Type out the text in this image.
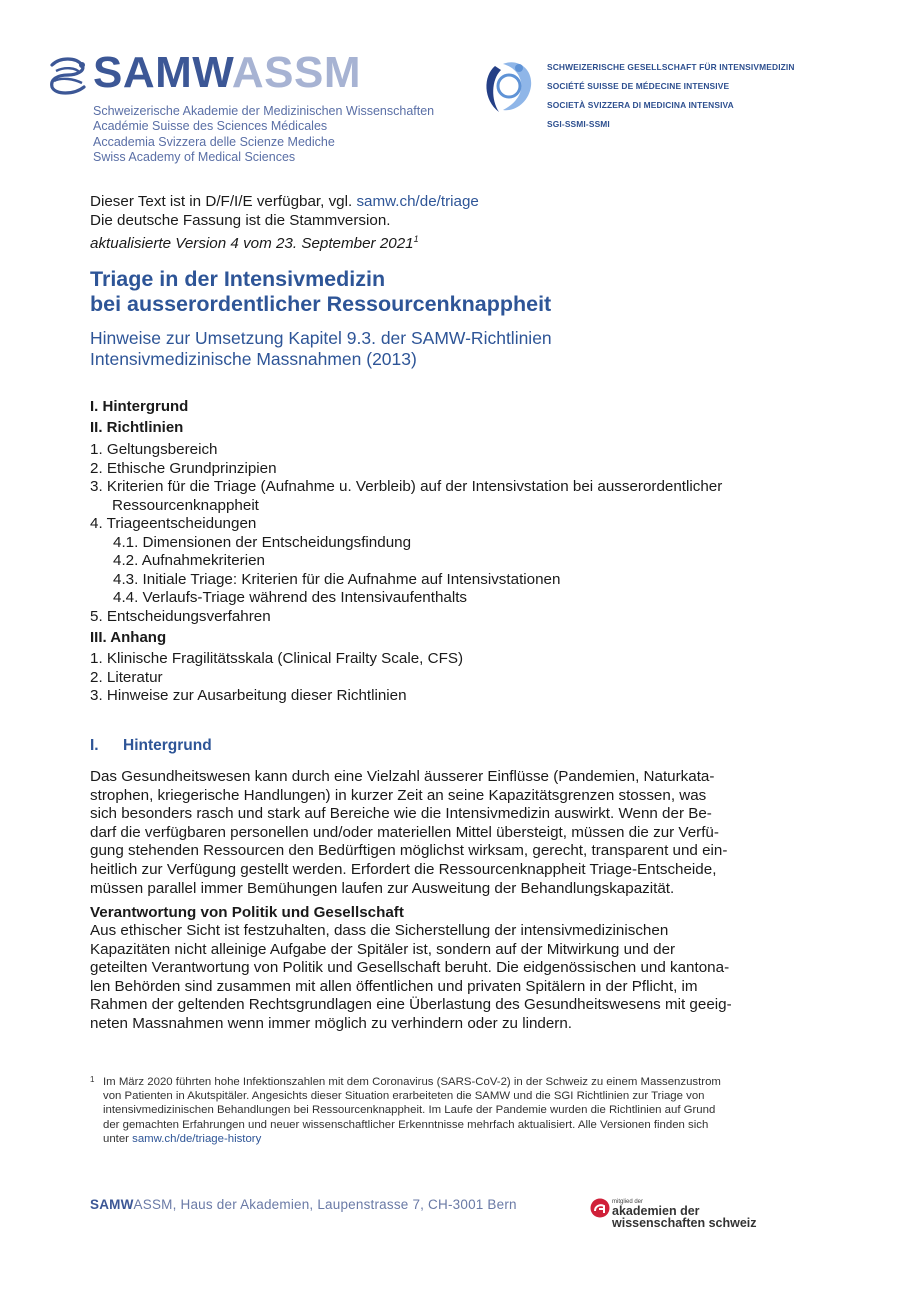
SAMWASSM
Schweizerische Akademie der Medizinischen Wissenschaften
Académie Suisse des Sciences Médicales
Accademia Svizzera delle Scienze Mediche
Swiss Academy of Medical Sciences
SCHWEIZERISCHE GESELLSCHAFT FÜR INTENSIVMEDIZIN
SOCIÉTÉ SUISSE DE MÉDECINE INTENSIVE
SOCIETÀ SVIZZERA DI MEDICINA INTENSIVA
SGI-SSMI-SSMI
Dieser Text ist in D/F/I/E verfügbar, vgl. samw.ch/de/triage
Die deutsche Fassung ist die Stammversion.
aktualisierte Version 4 vom 23. September 2021$^1$
Triage in der Intensivmedizin
bei ausserordentlicher Ressourcenknappheit
Hinweise zur Umsetzung Kapitel 9.3. der SAMW-Richtlinien
Intensivmedizinische Massnahmen (2013)
I. Hintergrund
II. Richtlinien
1. Geltungsbereich
2. Ethische Grundprinzipien
3. Kriterien für die Triage (Aufnahme u. Verbleib) auf der Intensivstation bei ausserordentlicher
Ressourcenknappheit
4. Triageentscheidungen
4.1. Dimensionen der Entscheidungsfindung
4.2. Aufnahmekriterien
4.3. Initiale Triage: Kriterien für die Aufnahme auf Intensivstationen
4.4. Verlaufs-Triage während des Intensivaufenthalts
5. Entscheidungsverfahren
III. Anhang
1. Klinische Fragilitätsskala (Clinical Frailty Scale, CFS)
2. Literatur
3. Hinweise zur Ausarbeitung dieser Richtlinien
I. Hintergrund
Das Gesundheitswesen kann durch eine Vielzahl äusserer Einflüsse (Pandemien, Naturkata-
strophen, kriegerische Handlungen) in kurzer Zeit an seine Kapazitätsgrenzen stossen, was
sich besonders rasch und stark auf Bereiche wie die Intensivmedizin auswirkt. Wenn der Be-
darf die verfügbaren personellen und/oder materiellen Mittel übersteigt, müssen die zur Verfü-
gung stehenden Ressourcen den Bedürftigen möglichst wirksam, gerecht, transparent und ein-
heitlich zur Verfügung gestellt werden. Erfordert die Ressourcenknappheit Triage-Entscheide,
müssen parallel immer Bemühungen laufen zur Ausweitung der Behandlungskapazität.
Verantwortung von Politik und Gesellschaft
Aus ethischer Sicht ist festzuhalten, dass die Sicherstellung der intensivmedizinischen
Kapazitäten nicht alleinige Aufgabe der Spitäler ist, sondern auf der Mitwirkung und der
geteilten Verantwortung von Politik und Gesellschaft beruht. Die eidgenössischen und kantona-
len Behörden sind zusammen mit allen öffentlichen und privaten Spitälern in der Pflicht, im
Rahmen der geltenden Rechtsgrundlagen eine Überlastung des Gesundheitswesens mit geeig-
neten Massnahmen wenn immer möglich zu verhindern oder zu lindern.
1 Im März 2020 führten hohe Infektionszahlen mit dem Coronavirus (SARS-CoV-2) in der Schweiz zu einem Massenzustrom
von Patienten in Akutspitäler. Angesichts dieser Situation erarbeiteten die SAMW und die SGI Richtlinien zur Triage von
intensivmedizinischen Behandlungen bei Ressourcenknappheit. Im Laufe der Pandemie wurden die Richtlinien auf Grund
der gemachten Erfahrungen und neuer wissenschaftlicher Erkenntnisse mehrfach aktualisiert. Alle Versionen finden sich
unter samw.ch/de/triage-history
SAMWASSM, Haus der Akademien, Laupenstrasse 7, CH-3001 Bern	mitglied der
akademien der
wissenschaften schweiz
